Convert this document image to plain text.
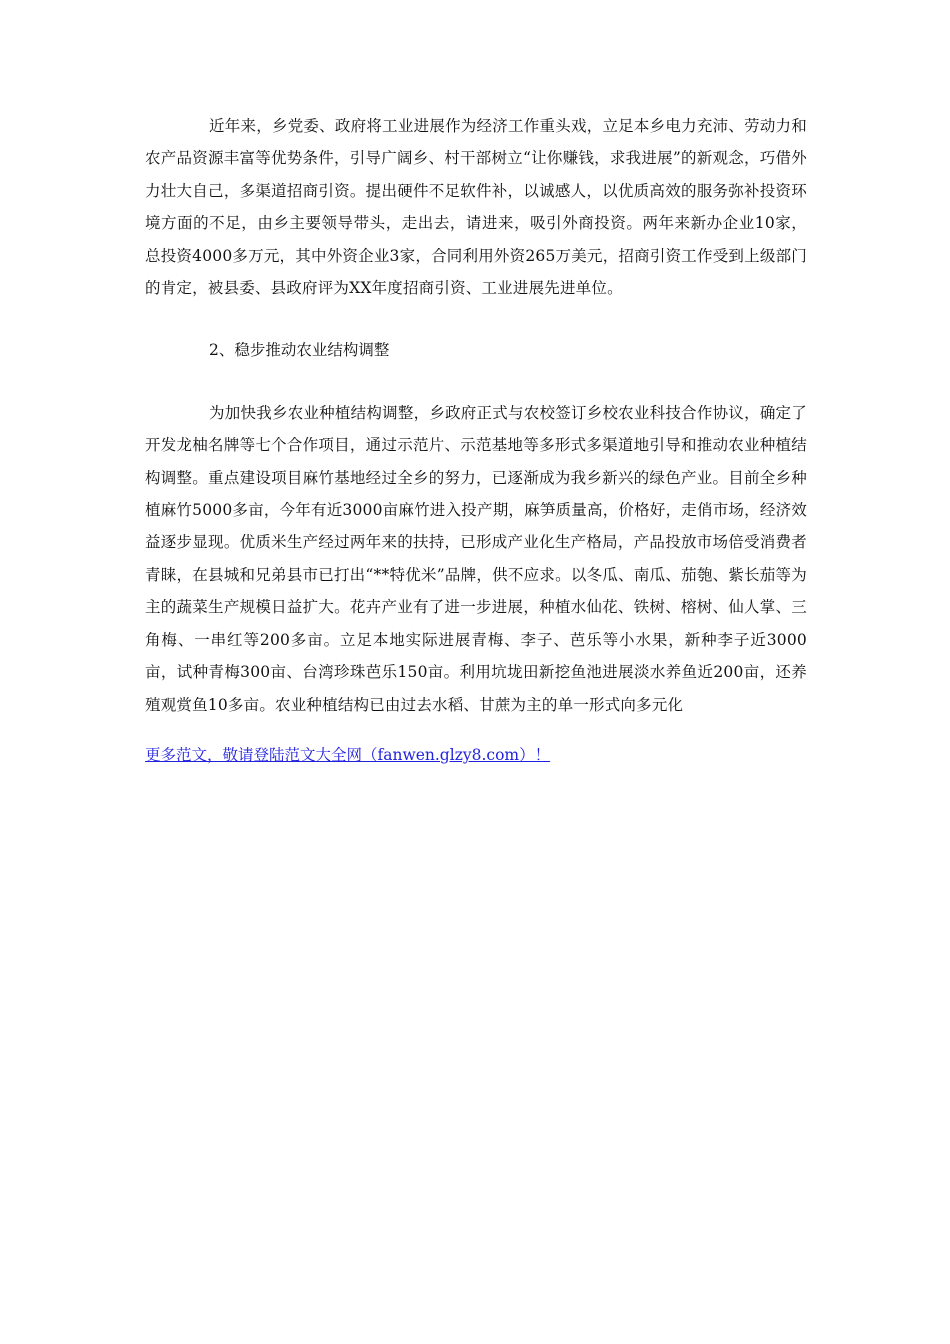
近年来，乡党委、政府将工业进展作为经济工作重头戏，立足本乡电力充沛、劳动力和农产品资源丰富等优势条件，引导广阔乡、村干部树立“让你赚钱，求我进展”的新观念，巧借外力壮大自己，多渠道招商引资。提出硬件不足软件补，以诚感人，以优质高效的服务弥补投资环境方面的不足，由乡主要领导带头，走出去，请进来，吸引外商投资。两年来新办企业10家，总投资4000多万元，其中外资企业3家，合同利用外资265万美元，招商引资工作受到上级部门的肯定，被县委、县政府评为XX年度招商引资、工业进展先进单位。

2、稳步推动农业结构调整

为加快我乡农业种植结构调整，乡政府正式与农校签订乡校农业科技合作协议，确定了开发龙柚名牌等七个合作项目，通过示范片、示范基地等多形式多渠道地引导和推动农业种植结构调整。重点建设项目麻竹基地经过全乡的努力，已逐渐成为我乡新兴的绿色产业。目前全乡种植麻竹5000多亩，今年有近3000亩麻竹进入投产期，麻笋质量高，价格好，走俏市场，经济效益逐步显现。优质米生产经过两年来的扶持，已形成产业化生产格局，产品投放市场倍受消费者青睐，在县城和兄弟县市已打出“**特优米”品牌，供不应求。以冬瓜、南瓜、茄匏、紫长茄等为主的蔬菜生产规模日益扩大。花卉产业有了进一步进展，种植水仙花、铁树、榕树、仙人掌、三角梅、一串红等200多亩。立足本地实际进展青梅、李子、芭乐等小水果，新种李子近3000亩，试种青梅300亩、台湾珍珠芭乐150亩。利用坑垅田新挖鱼池进展淡水养鱼近200亩，还养殖观赏鱼10多亩。农业种植结构已由过去水稻、甘蔗为主的单一形式向多元化

更多范文，敬请登陆范文大全网（fanwen.glzy8.com）！
